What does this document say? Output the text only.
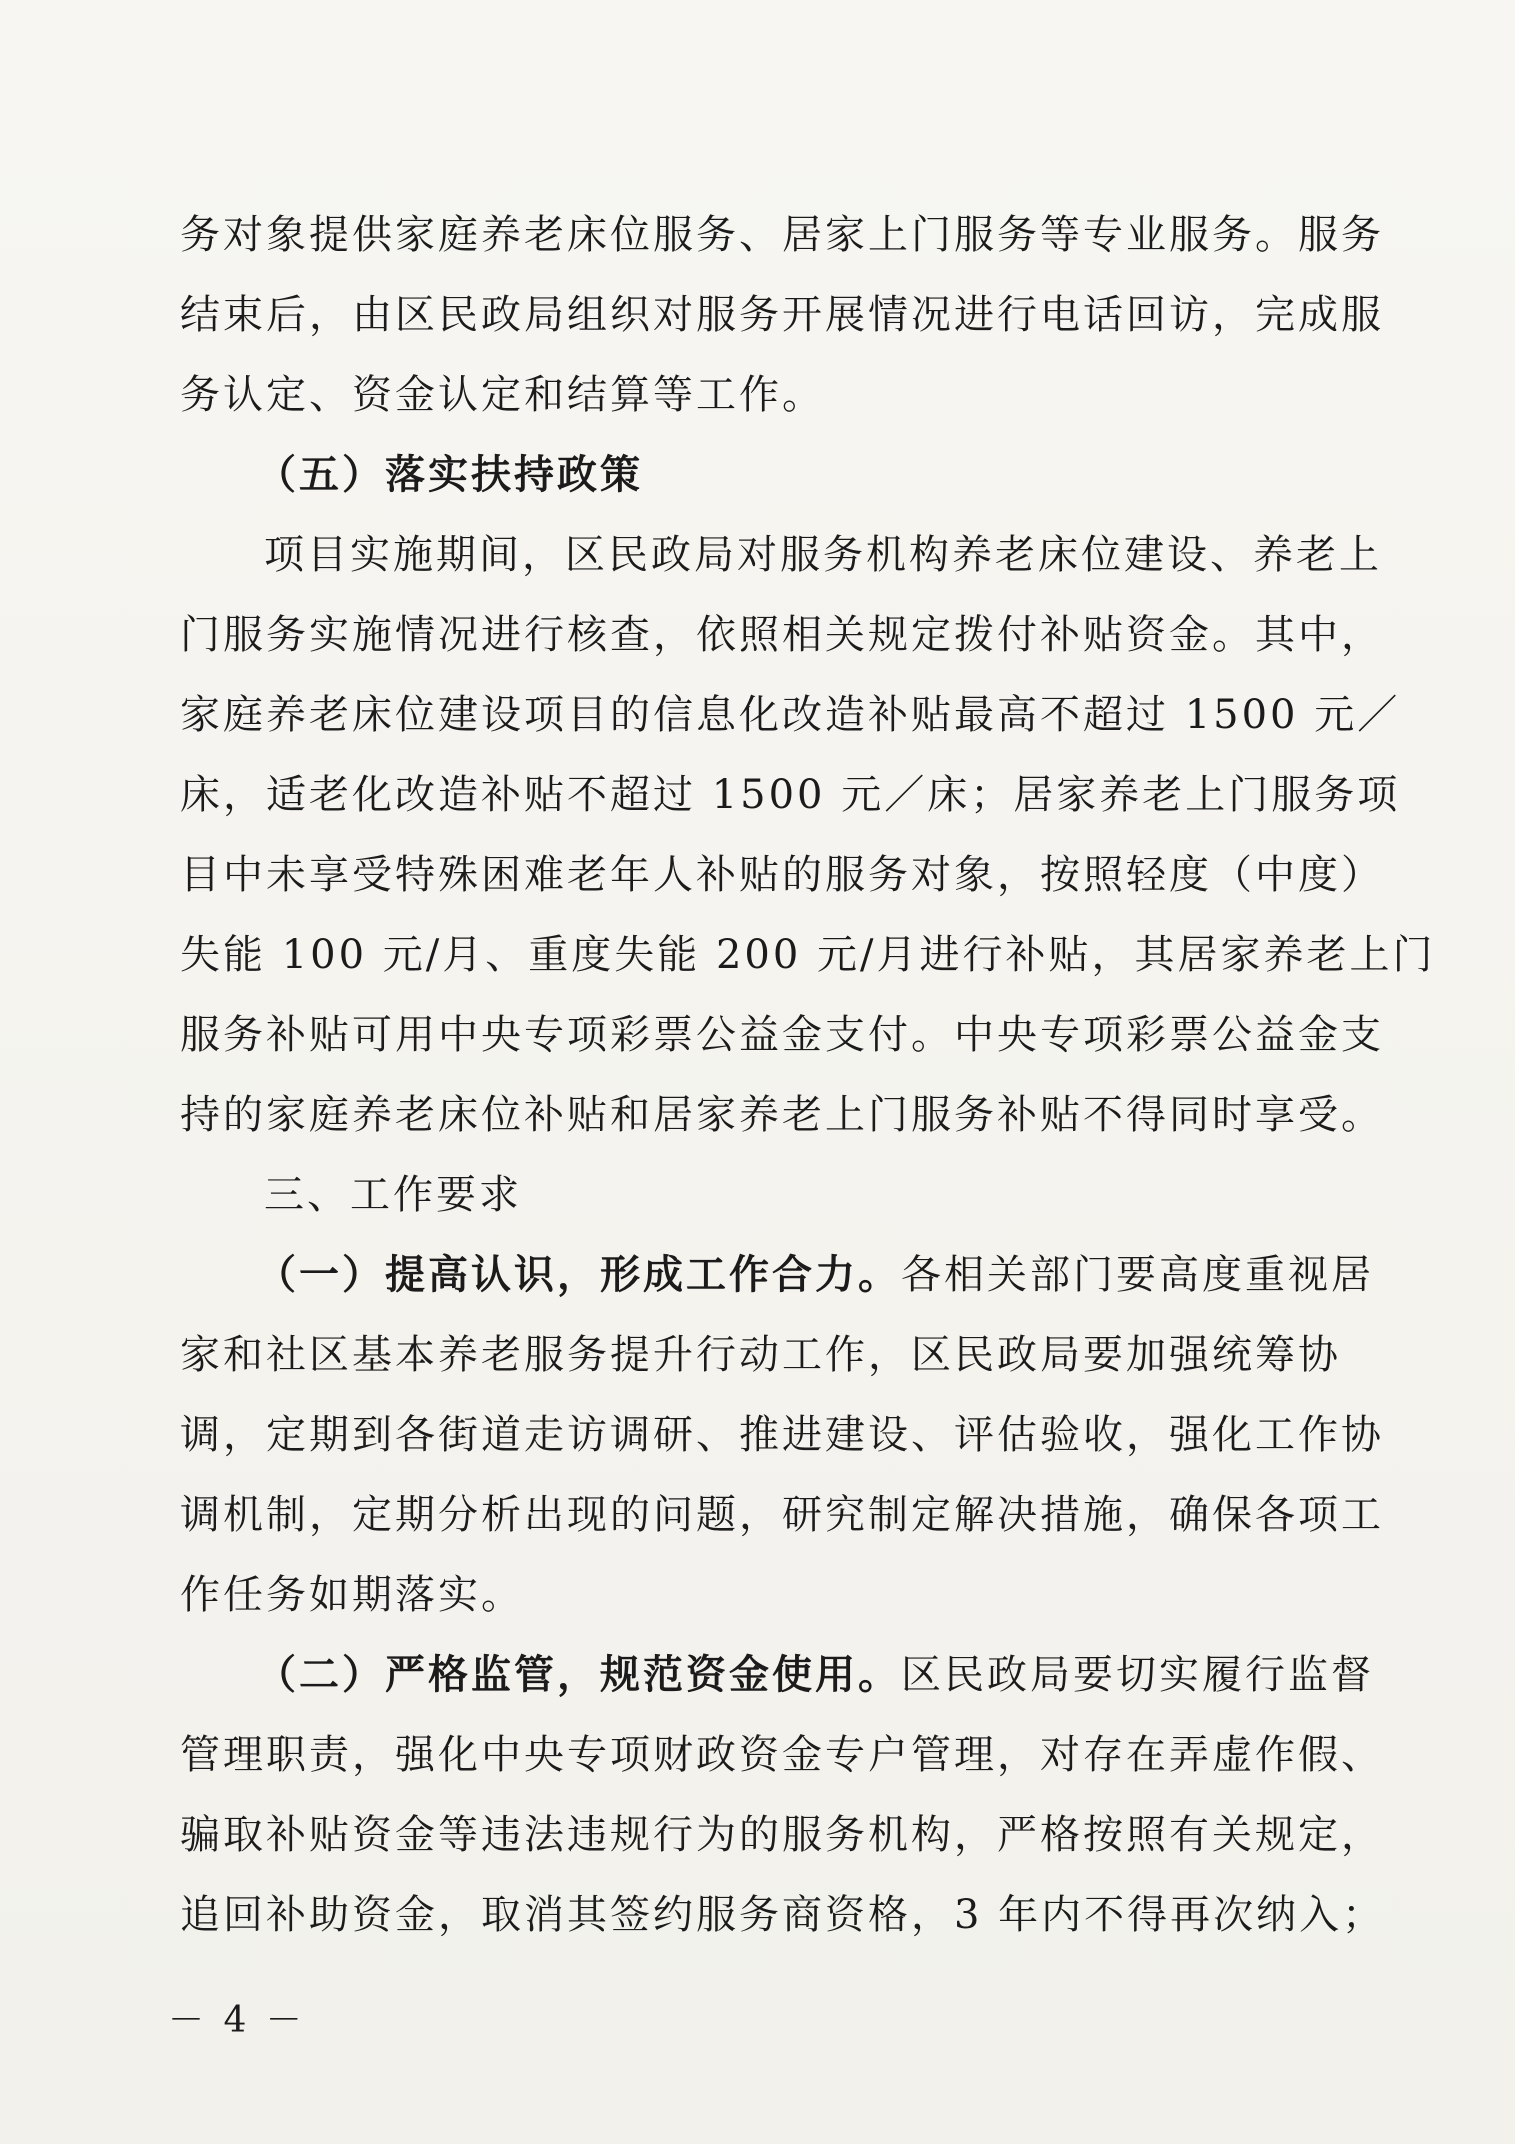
务对象提供家庭养老床位服务、居家上门服务等专业服务。服务
结束后，由区民政局组织对服务开展情况进行电话回访，完成服
务认定、资金认定和结算等工作。
（五）落实扶持政策
项目实施期间，区民政局对服务机构养老床位建设、养老上
门服务实施情况进行核查，依照相关规定拨付补贴资金。其中，
家庭养老床位建设项目的信息化改造补贴最高不超过 1500 元／
床，适老化改造补贴不超过 1500 元／床；居家养老上门服务项
目中未享受特殊困难老年人补贴的服务对象，按照轻度（中度）
失能 100 元/月、重度失能 200 元/月进行补贴，其居家养老上门
服务补贴可用中央专项彩票公益金支付。中央专项彩票公益金支
持的家庭养老床位补贴和居家养老上门服务补贴不得同时享受。
三、工作要求
（一）提高认识，形成工作合力。各相关部门要高度重视居
家和社区基本养老服务提升行动工作，区民政局要加强统筹协
调，定期到各街道走访调研、推进建设、评估验收，强化工作协
调机制，定期分析出现的问题，研究制定解决措施，确保各项工
作任务如期落实。
（二）严格监管，规范资金使用。区民政局要切实履行监督
管理职责，强化中央专项财政资金专户管理，对存在弄虚作假、
骗取补贴资金等违法违规行为的服务机构，严格按照有关规定，
追回补助资金，取消其签约服务商资格，3 年内不得再次纳入；
－ 4 －
